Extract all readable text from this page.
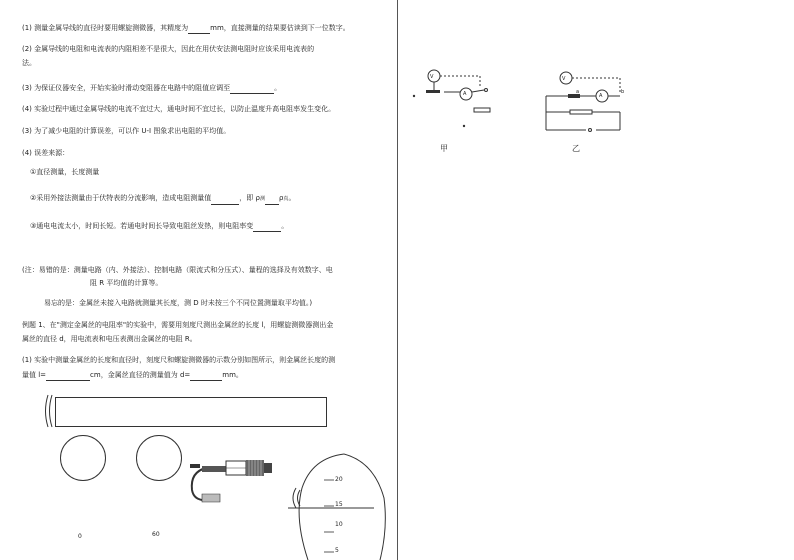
(1) 测量金属导线的直径时要用螺旋测微器，其精度为	mm，直接测量的结果要估读到下一位数字。
(2) 金属导线的电阻和电流表的内阻相差不是很大，因此在用伏安法测电阻时应该采用电流表的
法。
(3) 为保证仪器安全，开始实验时滑动变阻器在电路中的阻值应调至	。
(4) 实验过程中通过金属导线的电流不宜过大，通电时间不宜过长，以防止温度升高电阻率发生变化。
(3) 为了减少电阻的计算误差，可以作 U-I 图象求出电阻的平均值。
(4) 误差来源：
①直径测量，长度测量
②采用外接法测量由于伏特表的分流影响，造成电阻测量值	，即 ρ测 ρ真。
③通电电流太小，时间长短。若通电时间长导致电阻丝发热，则电阻率变	。
(注：易错的是：测量电路（内、外接法）、控制电路（限流式和分压式）、量程的选择及有效数字、电
阻 R 平均值的计算等。
易忘的是：金属丝未接入电路就测量其长度，测 D 时未按三个不同位置测量取平均值。)
例题 1、在"测定金属丝的电阻率"的实验中，需要用刻度尺测出金属丝的长度 l，用螺旋测微器测出金
属丝的直径 d，用电流表和电压表测出金属丝的电阻 R。
(1) 实验中测量金属丝的长度和直径时，刻度尺和螺旋测微器的示数分别如图所示，则金属丝长度的测
量值 l=	cm，金属丝直径的测量值为 d=	mm。
0	60
20
15
10
5
V
A
V
A
a	b
甲	乙
